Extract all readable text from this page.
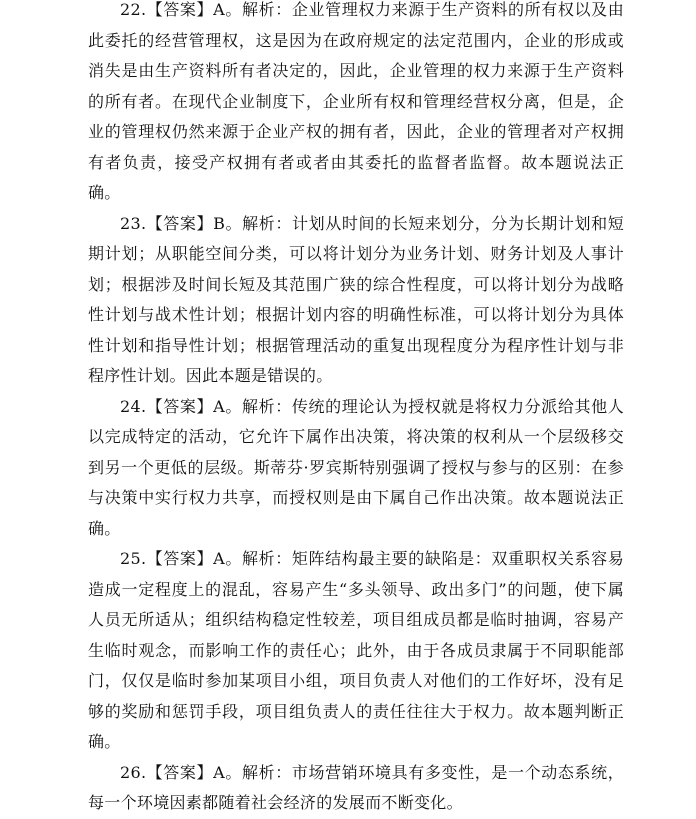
22.【答案】A。解析：企业管理权力来源于生产资料的所有权以及由此委托的经营管理权，这是因为在政府规定的法定范围内，企业的形成或消失是由生产资料所有者决定的，因此，企业管理的权力来源于生产资料的所有者。在现代企业制度下，企业所有权和管理经营权分离，但是，企业的管理权仍然来源于企业产权的拥有者，因此，企业的管理者对产权拥有者负责，接受产权拥有者或者由其委托的监督者监督。故本题说法正确。

23.【答案】B。解析：计划从时间的长短来划分，分为长期计划和短期计划；从职能空间分类，可以将计划分为业务计划、财务计划及人事计划；根据涉及时间长短及其范围广狭的综合性程度，可以将计划分为战略性计划与战术性计划；根据计划内容的明确性标准，可以将计划分为具体性计划和指导性计划；根据管理活动的重复出现程度分为程序性计划与非程序性计划。因此本题是错误的。

24.【答案】A。解析：传统的理论认为授权就是将权力分派给其他人以完成特定的活动，它允许下属作出决策，将决策的权利从一个层级移交到另一个更低的层级。斯蒂芬·罗宾斯特别强调了授权与参与的区别：在参与决策中实行权力共享，而授权则是由下属自己作出决策。故本题说法正确。

25.【答案】A。解析：矩阵结构最主要的缺陷是：双重职权关系容易造成一定程度上的混乱，容易产生“多头领导、政出多门”的问题，使下属人员无所适从；组织结构稳定性较差，项目组成员都是临时抽调，容易产生临时观念，而影响工作的责任心；此外，由于各成员隶属于不同职能部门，仅仅是临时参加某项目小组，项目负责人对他们的工作好坏，没有足够的奖励和惩罚手段，项目组负责人的责任往往大于权力。故本题判断正确。

26.【答案】A。解析：市场营销环境具有多变性，是一个动态系统，每一个环境因素都随着社会经济的发展而不断变化。
